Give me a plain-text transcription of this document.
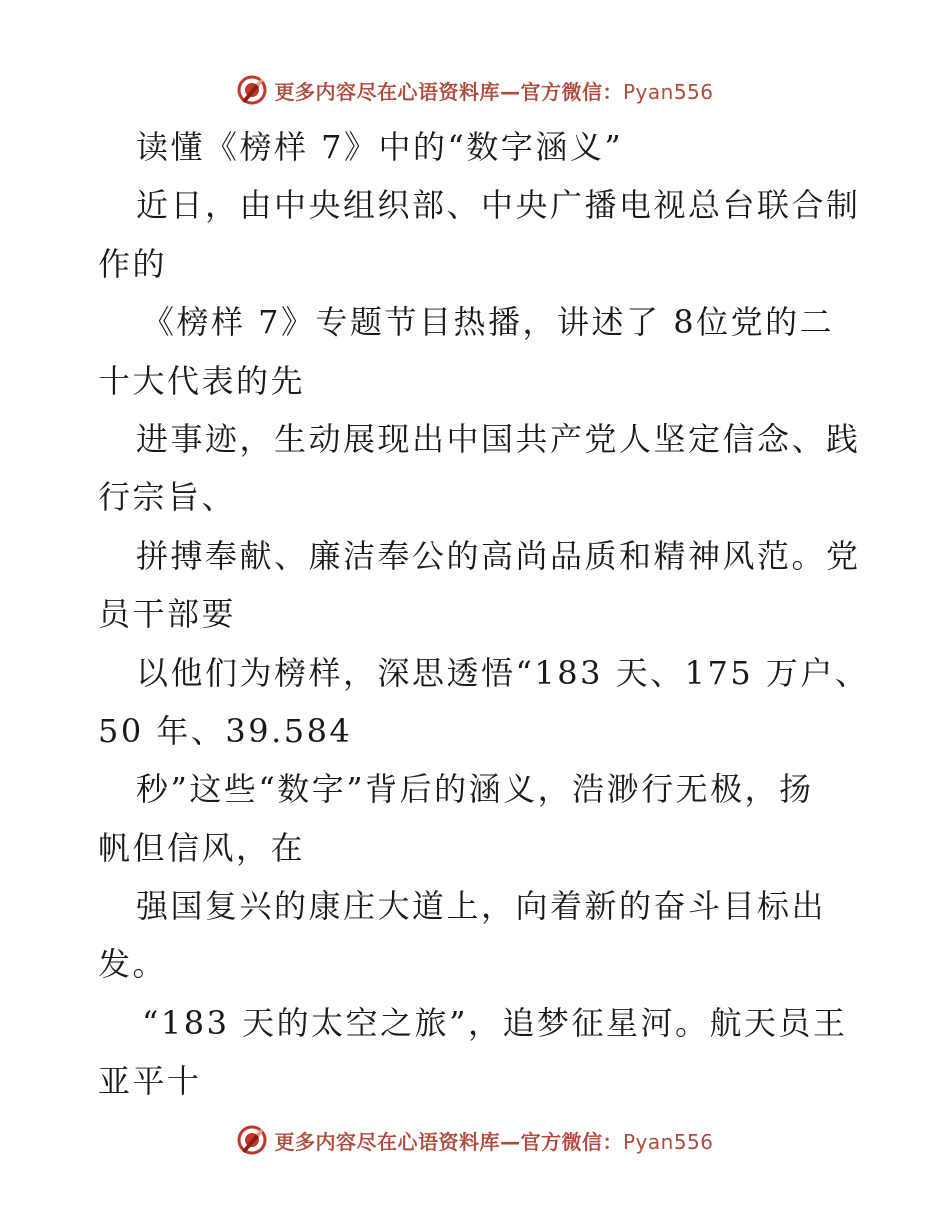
更多内容尽在心语资料库—官方微信：Pyan556
读懂《榜样 7》中的“数字涵义”
近日，由中央组织部、中央广播电视总台联合制
作的
《榜样 7》专题节目热播，讲述了 8位党的二
十大代表的先
进事迹，生动展现出中国共产党人坚定信念、践
行宗旨、
拼搏奉献、廉洁奉公的高尚品质和精神风范。党
员干部要
以他们为榜样，深思透悟“183 天、175 万户、
50 年、39.584
秒”这些“数字”背后的涵义，浩渺行无极，扬
帆但信风，在
强国复兴的康庄大道上，向着新的奋斗目标出
发。
“183 天的太空之旅”，追梦征星河。航天员王
亚平十
更多内容尽在心语资料库—官方微信：Pyan556
